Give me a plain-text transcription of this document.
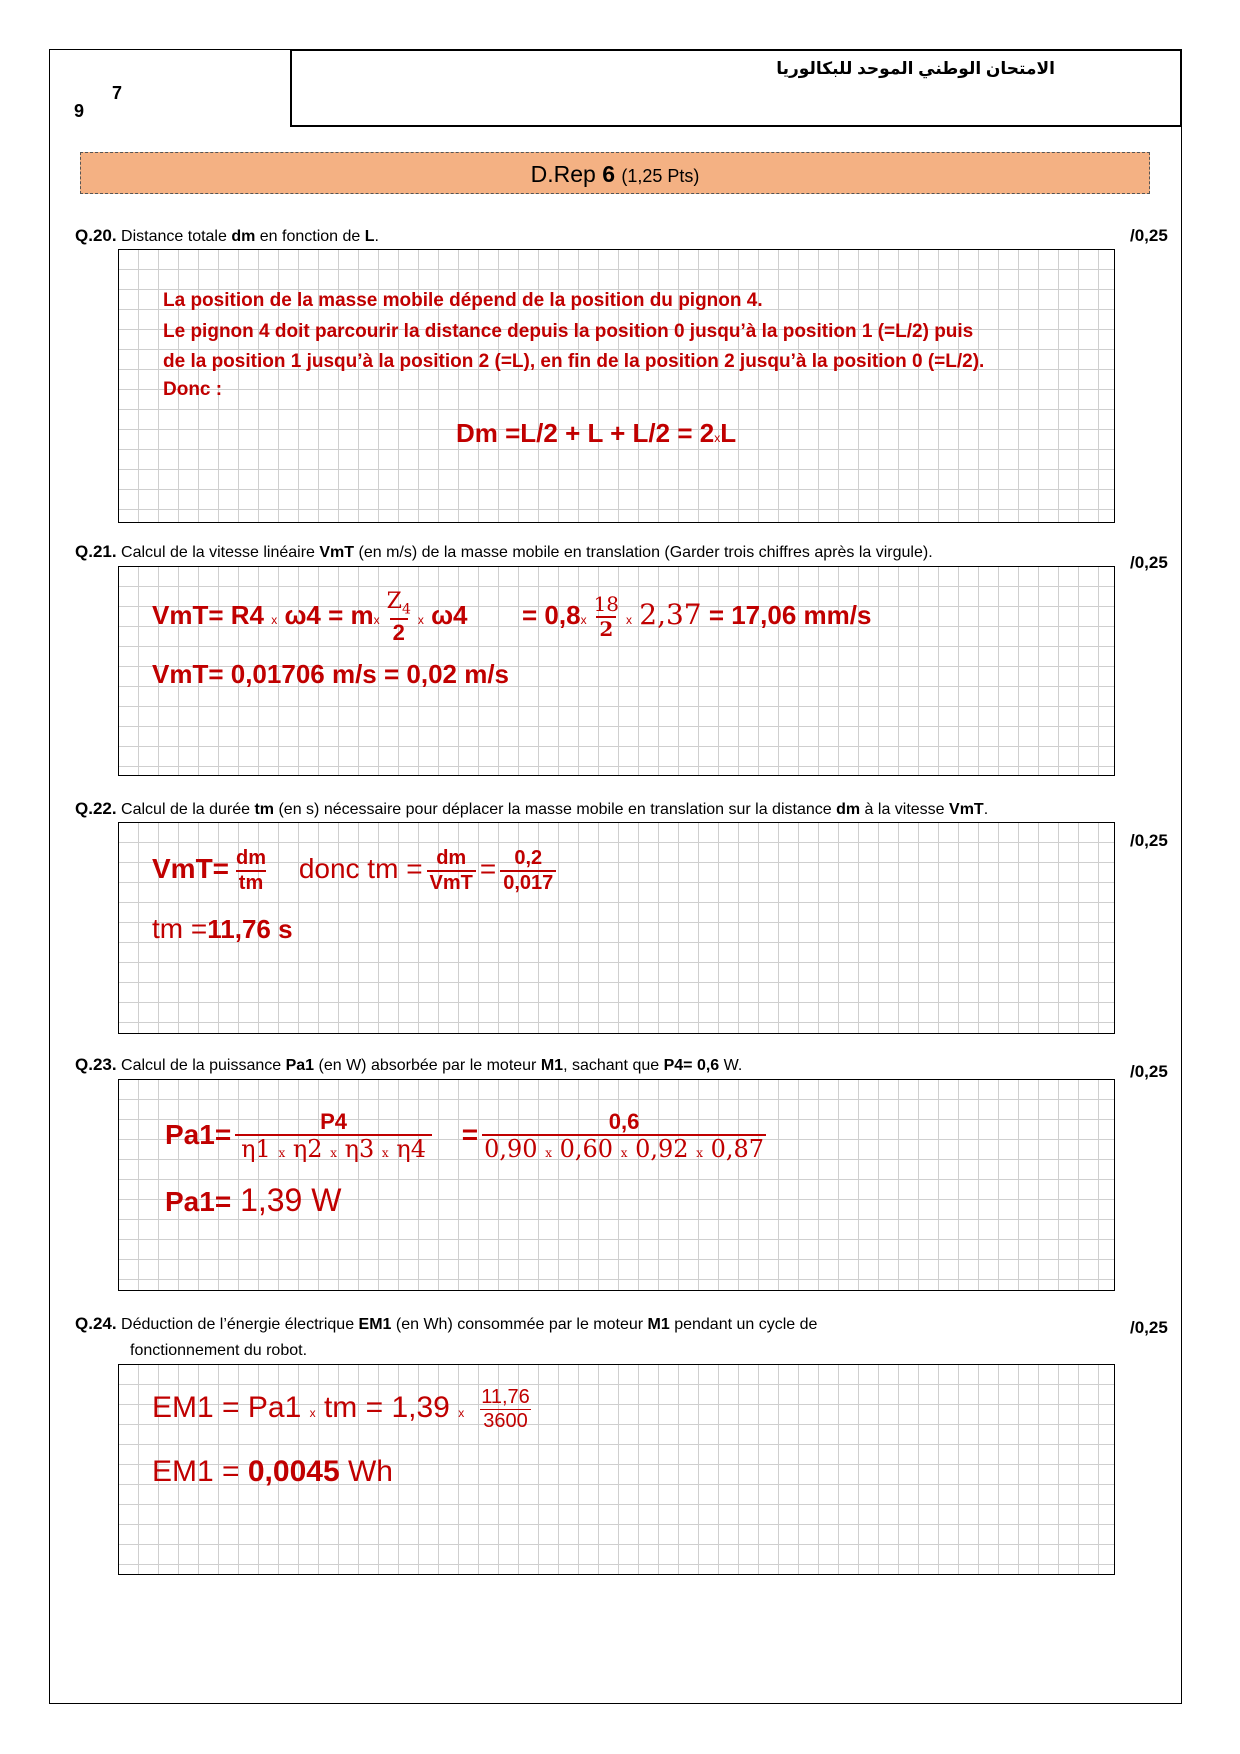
7
9
الامتحان الوطني الموحد للبكالوريا
D.Rep 6 (1,25 Pts)
Q.20. Distance totale dm en fonction de L.	/0,25
La position de la masse mobile dépend de la position du pignon 4.
Le pignon 4 doit parcourir la distance depuis la position 0 jusqu’à la position 1 (=L/2) puis
de la position 1 jusqu’à la position 2 (=L), en fin de la position 2 jusqu’à la position 0 (=L/2).
Donc :
Dm =L/2 + L + L/2 = 2xL
Q.21. Calcul de la vitesse linéaire VmT (en m/s) de la masse mobile en translation (Garder trois chiffres après la virgule).
/0,25
VmT= R4 x ω4 = mx $\frac{Z_4}{2}$ x $\omega 4 = 0,8x \frac{18}{2}$ x 2,37 = 17,06 mm/s
VmT= 0,01706 m/s = 0,02 m/s
Q.22. Calcul de la durée tm (en s) nécessaire pour déplacer la masse mobile en translation sur la distance dm à la vitesse VmT.
/0,25
$VmT= \frac{dm}{tm}$ donc tm = $\frac{dm}{\text{VmT}} = \frac{0,2}{0,017}$
tm =11,76 s
Q.23. Calcul de la puissance Pa1 (en W) absorbée par le moteur M1, sachant que P4= 0,6 W.	/0,25
$Pa1= \frac{P4}{\text{η1 x η2 x η3 x η4}} = \frac{0,6}{0,90 x 0,60 x 0,92 x 0,87}$
Pa1= 1,39 W
Q.24. Déduction de l’énergie électrique EM1 (en Wh) consommée par le moteur M1 pendant un cycle de
fonctionnement du robot.
/0,25
EM1 = Pa1 x tm = 1,39 x $\frac{11,76}{3600}$
EM1 = 0,0045 Wh
